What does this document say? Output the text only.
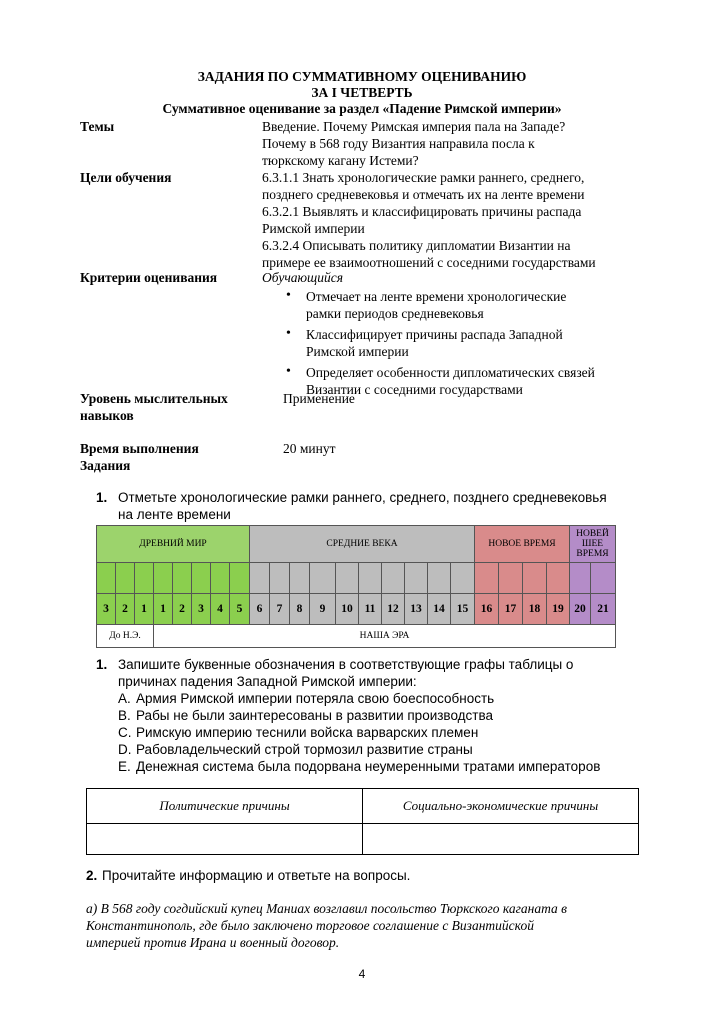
ЗАДАНИЯ ПО СУММАТИВНОМУ ОЦЕНИВАНИЮ
ЗА I ЧЕТВЕРТЬ
Суммативное оценивание за раздел «Падение Римской империи»
Темы	Введение. Почему Римская империя пала на Западе?
Почему в 568 году Византия направила посла к
тюркскому кагану Истеми?
Цели обучения	6.3.1.1 Знать хронологические рамки раннего, среднего,
позднего средневековья и отмечать их на ленте времени
6.3.2.1 Выявлять и классифицировать причины распада
Римской империи
6.3.2.4 Описывать политику дипломатии Византии на
примере ее взаимоотношений с соседними государствами
Критерии оценивания	Обучающийся
• Отмечает на ленте времени хронологические
рамки периодов средневековья
• Классифицирует причины распада Западной
Римской империи
• Определяет особенности дипломатических связей
Византии с соседними государствами
Уровень мыслительных
навыков
Применение
Время выполнения
Задания
20 минут
1. Отметьте хронологические рамки раннего, среднего, позднего средневековья
на ленте времени
ДРЕВНИЙ МИР								СРЕДНИЕ ВЕКА										НОВОЕ ВРЕМЯ				НОВЕЙ
ШЕЕ
ВРЕМЯ	

3	2	1	1	2	3	4	5	6	7	8	9	10	11	12	13	14	15	16	17	18	19	20	21
До Н.Э.			НАША ЭРА																				
1. Запишите буквенные обозначения в соответствующие графы таблицы о
причинах падения Западной Римской империи:
A. Армия Римской империи потеряла свою боеспособность
B. Рабы не были заинтересованы в развитии производства
C. Римскую империю теснили войска варварских племен
D. Рабовладельческий строй тормозил развитие страны
E. Денежная система была подорвана неумеренными тратами императоров
Политические причины	Социально-экономические причины

2. Прочитайте информацию и ответьте на вопросы.
а) В 568 году согдийский купец Маниах возглавил посольство Тюркского каганата в
Константинополь, где было заключено торговое соглашение с Византийской
империей против Ирана и военный договор.
4
